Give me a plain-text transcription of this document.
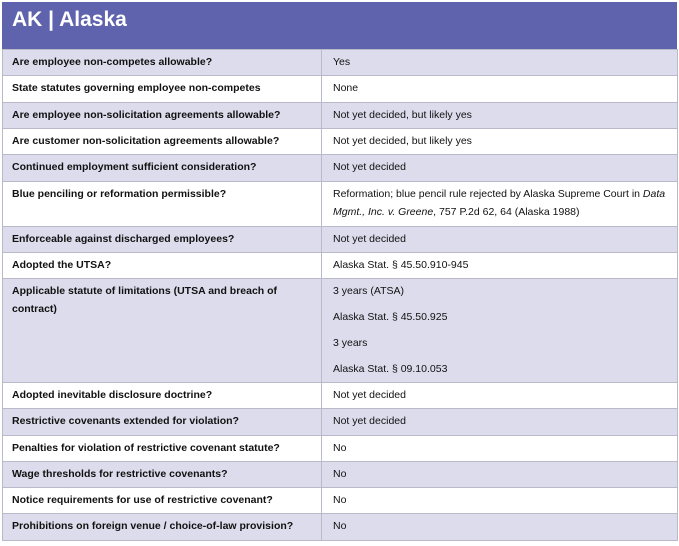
AK | Alaska
Are employee non-competes allowable?	Yes
State statutes governing employee non-competes	None
Are employee non-solicitation agreements allowable?	Not yet decided, but likely yes
Are customer non-solicitation agreements allowable?	Not yet decided, but likely yes
Continued employment sufficient consideration?	Not yet decided
Blue penciling or reformation permissible?	Reformation; blue pencil rule rejected by Alaska Supreme Court in Data Mgmt., Inc. v. Greene, 757 P.2d 62, 64 (Alaska 1988)
Enforceable against discharged employees?	Not yet decided
Adopted the UTSA?	Alaska Stat. § 45.50.910-945

Applicable statute of limitations (UTSA and breach of
contract)	3 years (ATSA)
Alaska Stat. § 45.50.925
3 years
Alaska Stat. § 09.10.053

Adopted inevitable disclosure doctrine?	Not yet decided
Restrictive covenants extended for violation?	Not yet decided
Penalties for violation of restrictive covenant statute?	No
Wage thresholds for restrictive covenants?	No
Notice requirements for use of restrictive covenant?	No
Prohibitions on foreign venue / choice-of-law provision?	No
